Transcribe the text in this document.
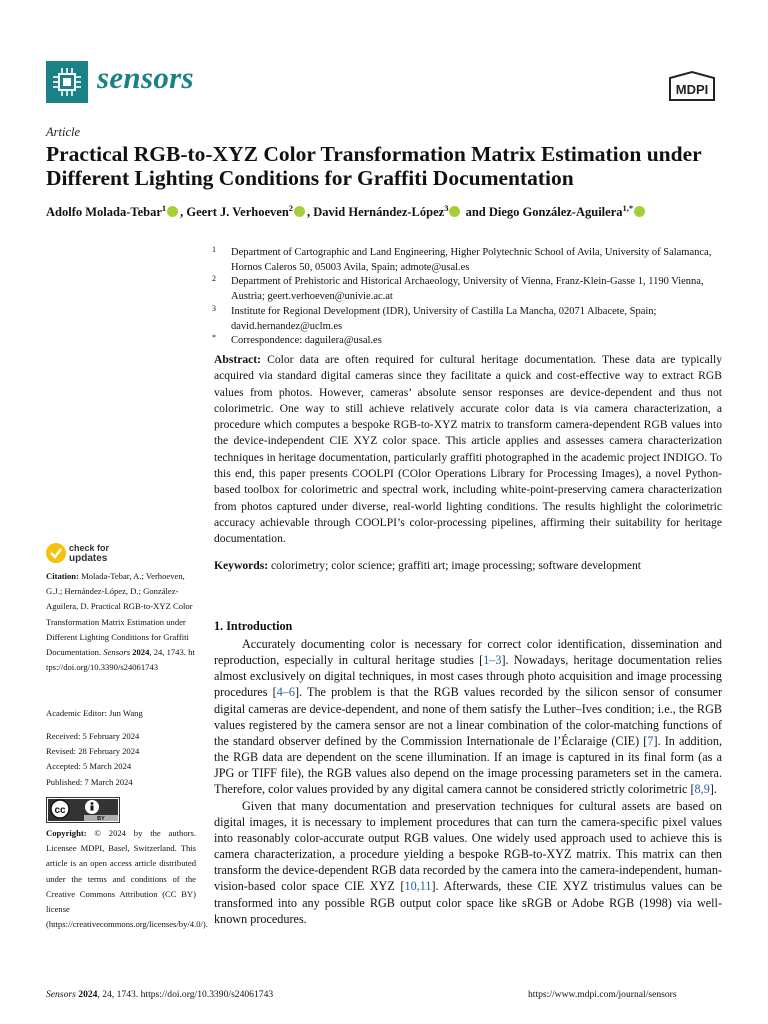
sensors	MDPI
Article
Practical RGB-to-XYZ Color Transformation Matrix Estimation under Different Lighting Conditions for Graffiti Documentation
Adolfo Molada-Tebar$^1$ , Geert J. Verhoeven$^2$ , David Hernández-López$^3$ and Diego González-Aguilera$^{1,*}$
1 Department of Cartographic and Land Engineering, Higher Polytechnic School of Avila, University of Salamanca, Hornos Caleros 50, 05003 Avila, Spain; admote@usal.es
2 Department of Prehistoric and Historical Archaeology, University of Vienna, Franz-Klein-Gasse 1, 1190 Vienna, Austria; geert.verhoeven@univie.ac.at
3 Institute for Regional Development (IDR), University of Castilla La Mancha, 02071 Albacete, Spain; david.hernandez@uclm.es
* Correspondence: daguilera@usal.es
Abstract: Color data are often required for cultural heritage documentation. These data are typically acquired via standard digital cameras since they facilitate a quick and cost-effective way to extract RGB values from photos. However, cameras’ absolute sensor responses are device-dependent and thus not colorimetric. One way to still achieve relatively accurate color data is via camera characterization, a procedure which computes a bespoke RGB-to-XYZ matrix to transform camera-dependent RGB values into the device-independent CIE XYZ color space. This article applies and assesses camera characterization techniques in heritage documentation, particularly graffiti photographed in the academic project INDIGO. To this end, this paper presents COOLPI (COlor Operations Library for Processing Images), a novel Python-based toolbox for colorimetric and spectral work, including white-point-preserving camera characterization from photos captured under diverse, real-world lighting conditions. The results highlight the colorimetric accuracy achievable through COOLPI’s color-processing pipelines, affirming their suitability for heritage documentation.
Keywords: colorimetry; color science; graffiti art; image processing; software development
1. Introduction

Accurately documenting color is necessary for correct color identification, dissemination and reproduction, especially in cultural heritage studies [1–3]. Nowadays, heritage documentation relies almost exclusively on digital techniques, in most cases through photo acquisition and image processing procedures [4–6]. The problem is that the RGB values recorded by the silicon sensor of consumer digital cameras are device-dependent, and none of them satisfy the Luther–Ives condition; i.e., the RGB values registered by the camera sensor are not a linear combination of the color-matching functions of the standard observer defined by the Commission Internationale de l’Éclaraige (CIE) [7]. In addition, the RGB data are dependent on the scene illumination. If an image is captured in its final form (as a JPG or TIFF file), the RGB values also depend on the image processing parameters set in the camera. Therefore, color values provided by any digital camera cannot be considered strictly colorimetric [8,9].

Given that many documentation and preservation techniques for cultural assets are based on digital images, it is necessary to implement procedures that can turn the camera-specific pixel values into reasonably color-accurate output RGB values. One widely used approach used to achieve this is camera characterization, a procedure yielding a bespoke RGB-to-XYZ matrix. This matrix can then transform the device-dependent RGB data recorded by the camera into the camera-independent, human-vision-based color space CIE XYZ [10,11]. Afterwards, these CIE XYZ tristimulus values can be transformed into any possible RGB output color space like sRGB or Adobe RGB (1998) via well-known procedures.

check for
updates
Citation: Molada-Tebar, A.; Verhoeven, G.J.; Hernández-López, D.; González-Aguilera, D. Practical RGB-to-XYZ Color Transformation Matrix Estimation under Different Lighting Conditions for Graffiti Documentation. Sensors 2024, 24, 1743. https://doi.org/10.3390/s24061743
Academic Editor: Jun Wang
Received: 5 February 2024
Revised: 28 February 2024
Accepted: 5 March 2024
Published: 7 March 2024
cc
BY
Copyright: © 2024 by the authors. Licensee MDPI, Basel, Switzerland. This article is an open access article distributed under the terms and conditions of the Creative Commons Attribution (CC BY) license (https://creativecommons.org/licenses/by/4.0/).
Sensors 2024, 24, 1743. https://doi.org/10.3390/s24061743	https://www.mdpi.com/journal/sensors
